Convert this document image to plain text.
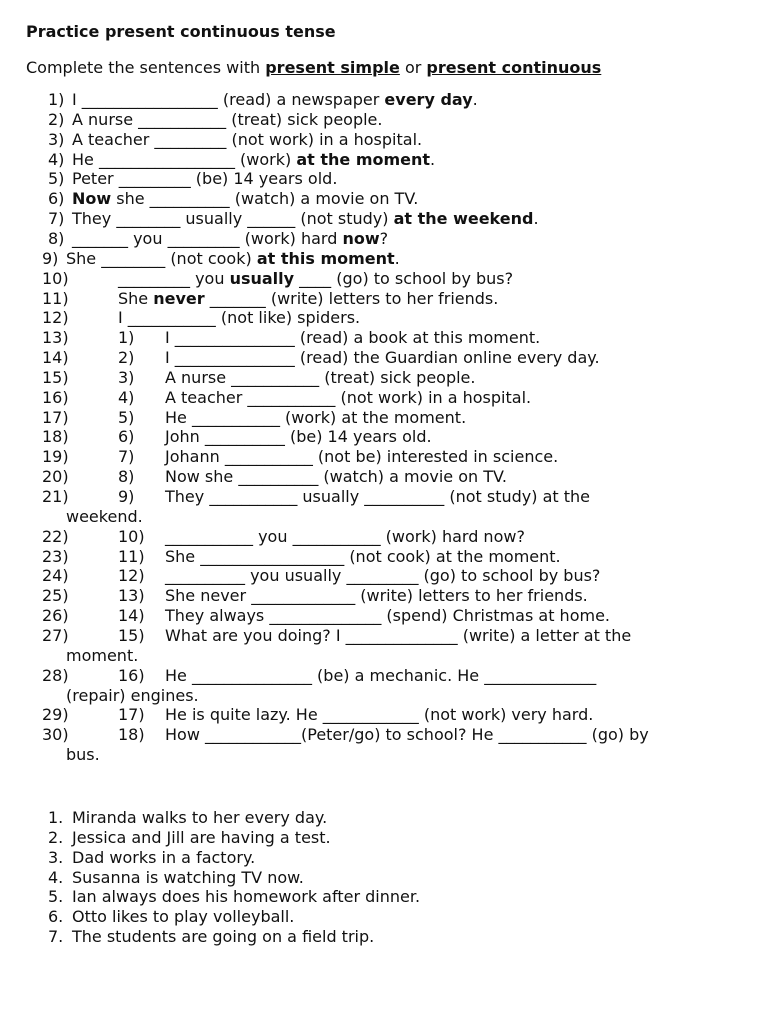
Practice present continuous tense
Complete the sentences with present simple or present continuous
1) I _________________ (read) a newspaper every day.
2) A nurse ___________ (treat) sick people.
3) A teacher _________ (not work) in a hospital.
4) He _________________ (work) at the moment.
5) Peter _________ (be) 14 years old.
6) Now she __________ (watch) a movie on TV.
7) They ________ usually ______ (not study) at the weekend.
8) _______ you _________ (work) hard now?
9) She ________ (not cook) at this moment.
10)	_________ you usually ____ (go) to school by bus?
11)	She never _______ (write) letters to her friends.
12)	I ___________ (not like) spiders.
13)	1) I _______________ (read) a book at this moment.
14)	2) I _______________ (read) the Guardian online every day.
15)	3) A nurse ___________ (treat) sick people.
16)	4) A teacher ___________ (not work) in a hospital.
17)	5) He ___________ (work) at the moment.
18)	6) John __________ (be) 14 years old.
19)	7) Johann ___________ (not be) interested in science.
20)	8) Now she __________ (watch) a movie on TV.
21)	9) They ___________ usually __________ (not study) at the
weekend.
22)	10) ___________ you ___________ (work) hard now?
23)	11) She __________________ (not cook) at the moment.
24)	12) __________ you usually _________ (go) to school by bus?
25)	13) She never _____________ (write) letters to her friends.
26)	14) They always ______________ (spend) Christmas at home.
27)	15) What are you doing? I ______________ (write) a letter at the
moment.
28)	16) He _______________ (be) a mechanic. He ______________
(repair) engines.
29)	17) He is quite lazy. He ____________ (not work) very hard.
30)	18) How ____________(Peter/go) to school? He ___________ (go) by
bus.
1. Miranda walks to her every day.
2. Jessica and Jill are having a test.
3. Dad works in a factory.
4. Susanna is watching TV now.
5. Ian always does his homework after dinner.
6. Otto likes to play volleyball.
7. The students are going on a field trip.
